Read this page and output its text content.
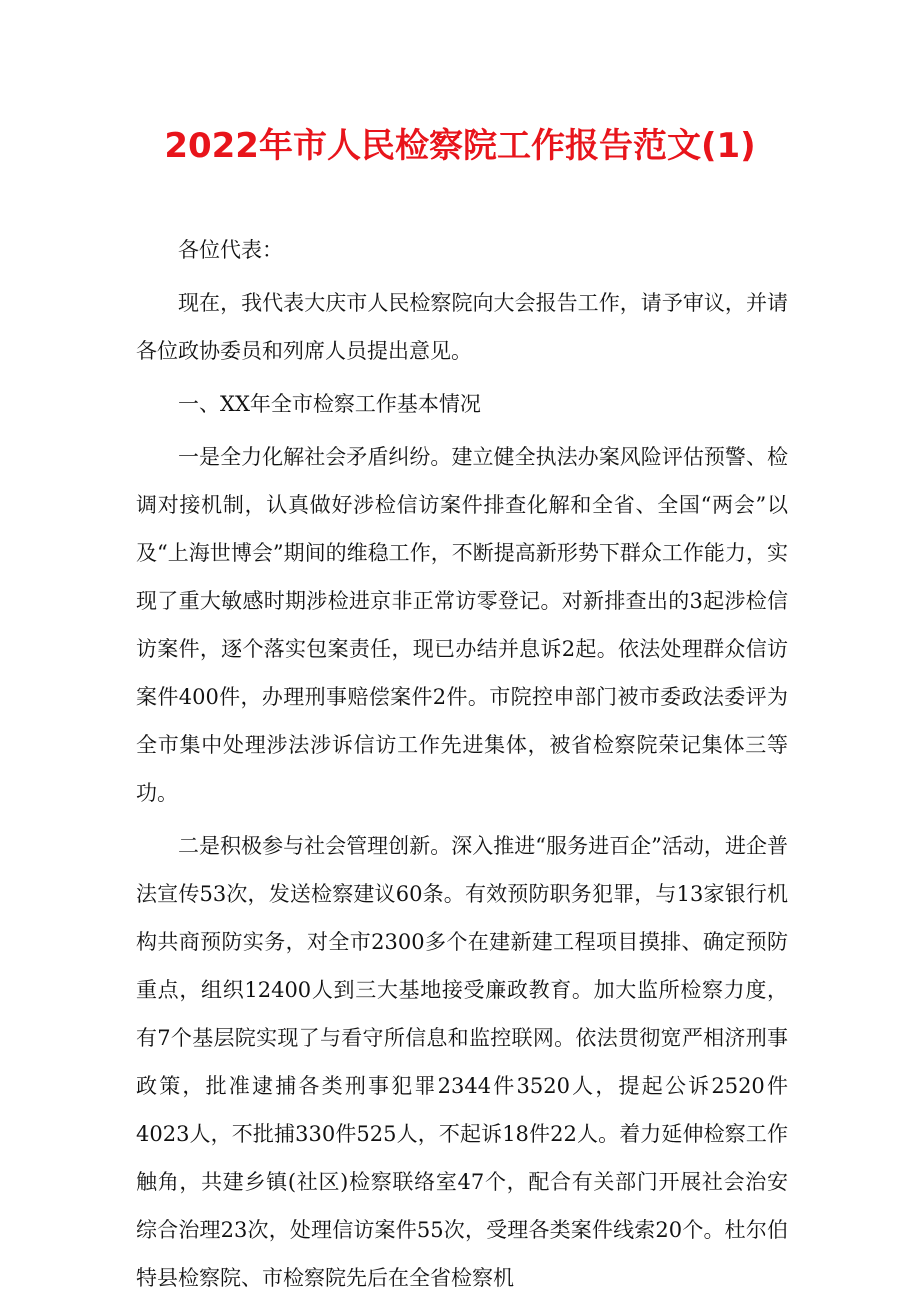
2022年市人民检察院工作报告范文(1)

各位代表：

现在，我代表大庆市人民检察院向大会报告工作，请予审议，并请各位政协委员和列席人员提出意见。

一、XX年全市检察工作基本情况

一是全力化解社会矛盾纠纷。建立健全执法办案风险评估预警、检调对接机制，认真做好涉检信访案件排查化解和全省、全国“两会”以及“上海世博会”期间的维稳工作，不断提高新形势下群众工作能力，实现了重大敏感时期涉检进京非正常访零登记。对新排查出的3起涉检信访案件，逐个落实包案责任，现已办结并息诉2起。依法处理群众信访案件400件，办理刑事赔偿案件2件。市院控申部门被市委政法委评为全市集中处理涉法涉诉信访工作先进集体，被省检察院荣记集体三等功。

二是积极参与社会管理创新。深入推进“服务进百企”活动，进企普法宣传53次，发送检察建议60条。有效预防职务犯罪，与13家银行机构共商预防实务，对全市2300多个在建新建工程项目摸排、确定预防重点，组织12400人到三大基地接受廉政教育。加大监所检察力度，有7个基层院实现了与看守所信息和监控联网。依法贯彻宽严相济刑事政策，批准逮捕各类刑事犯罪2344件3520人，提起公诉2520件4023人，不批捕330件525人，不起诉18件22人。着力延伸检察工作触角，共建乡镇(社区)检察联络室47个，配合有关部门开展社会治安综合治理23次，处理信访案件55次，受理各类案件线索20个。杜尔伯特县检察院、市检察院先后在全省检察机
